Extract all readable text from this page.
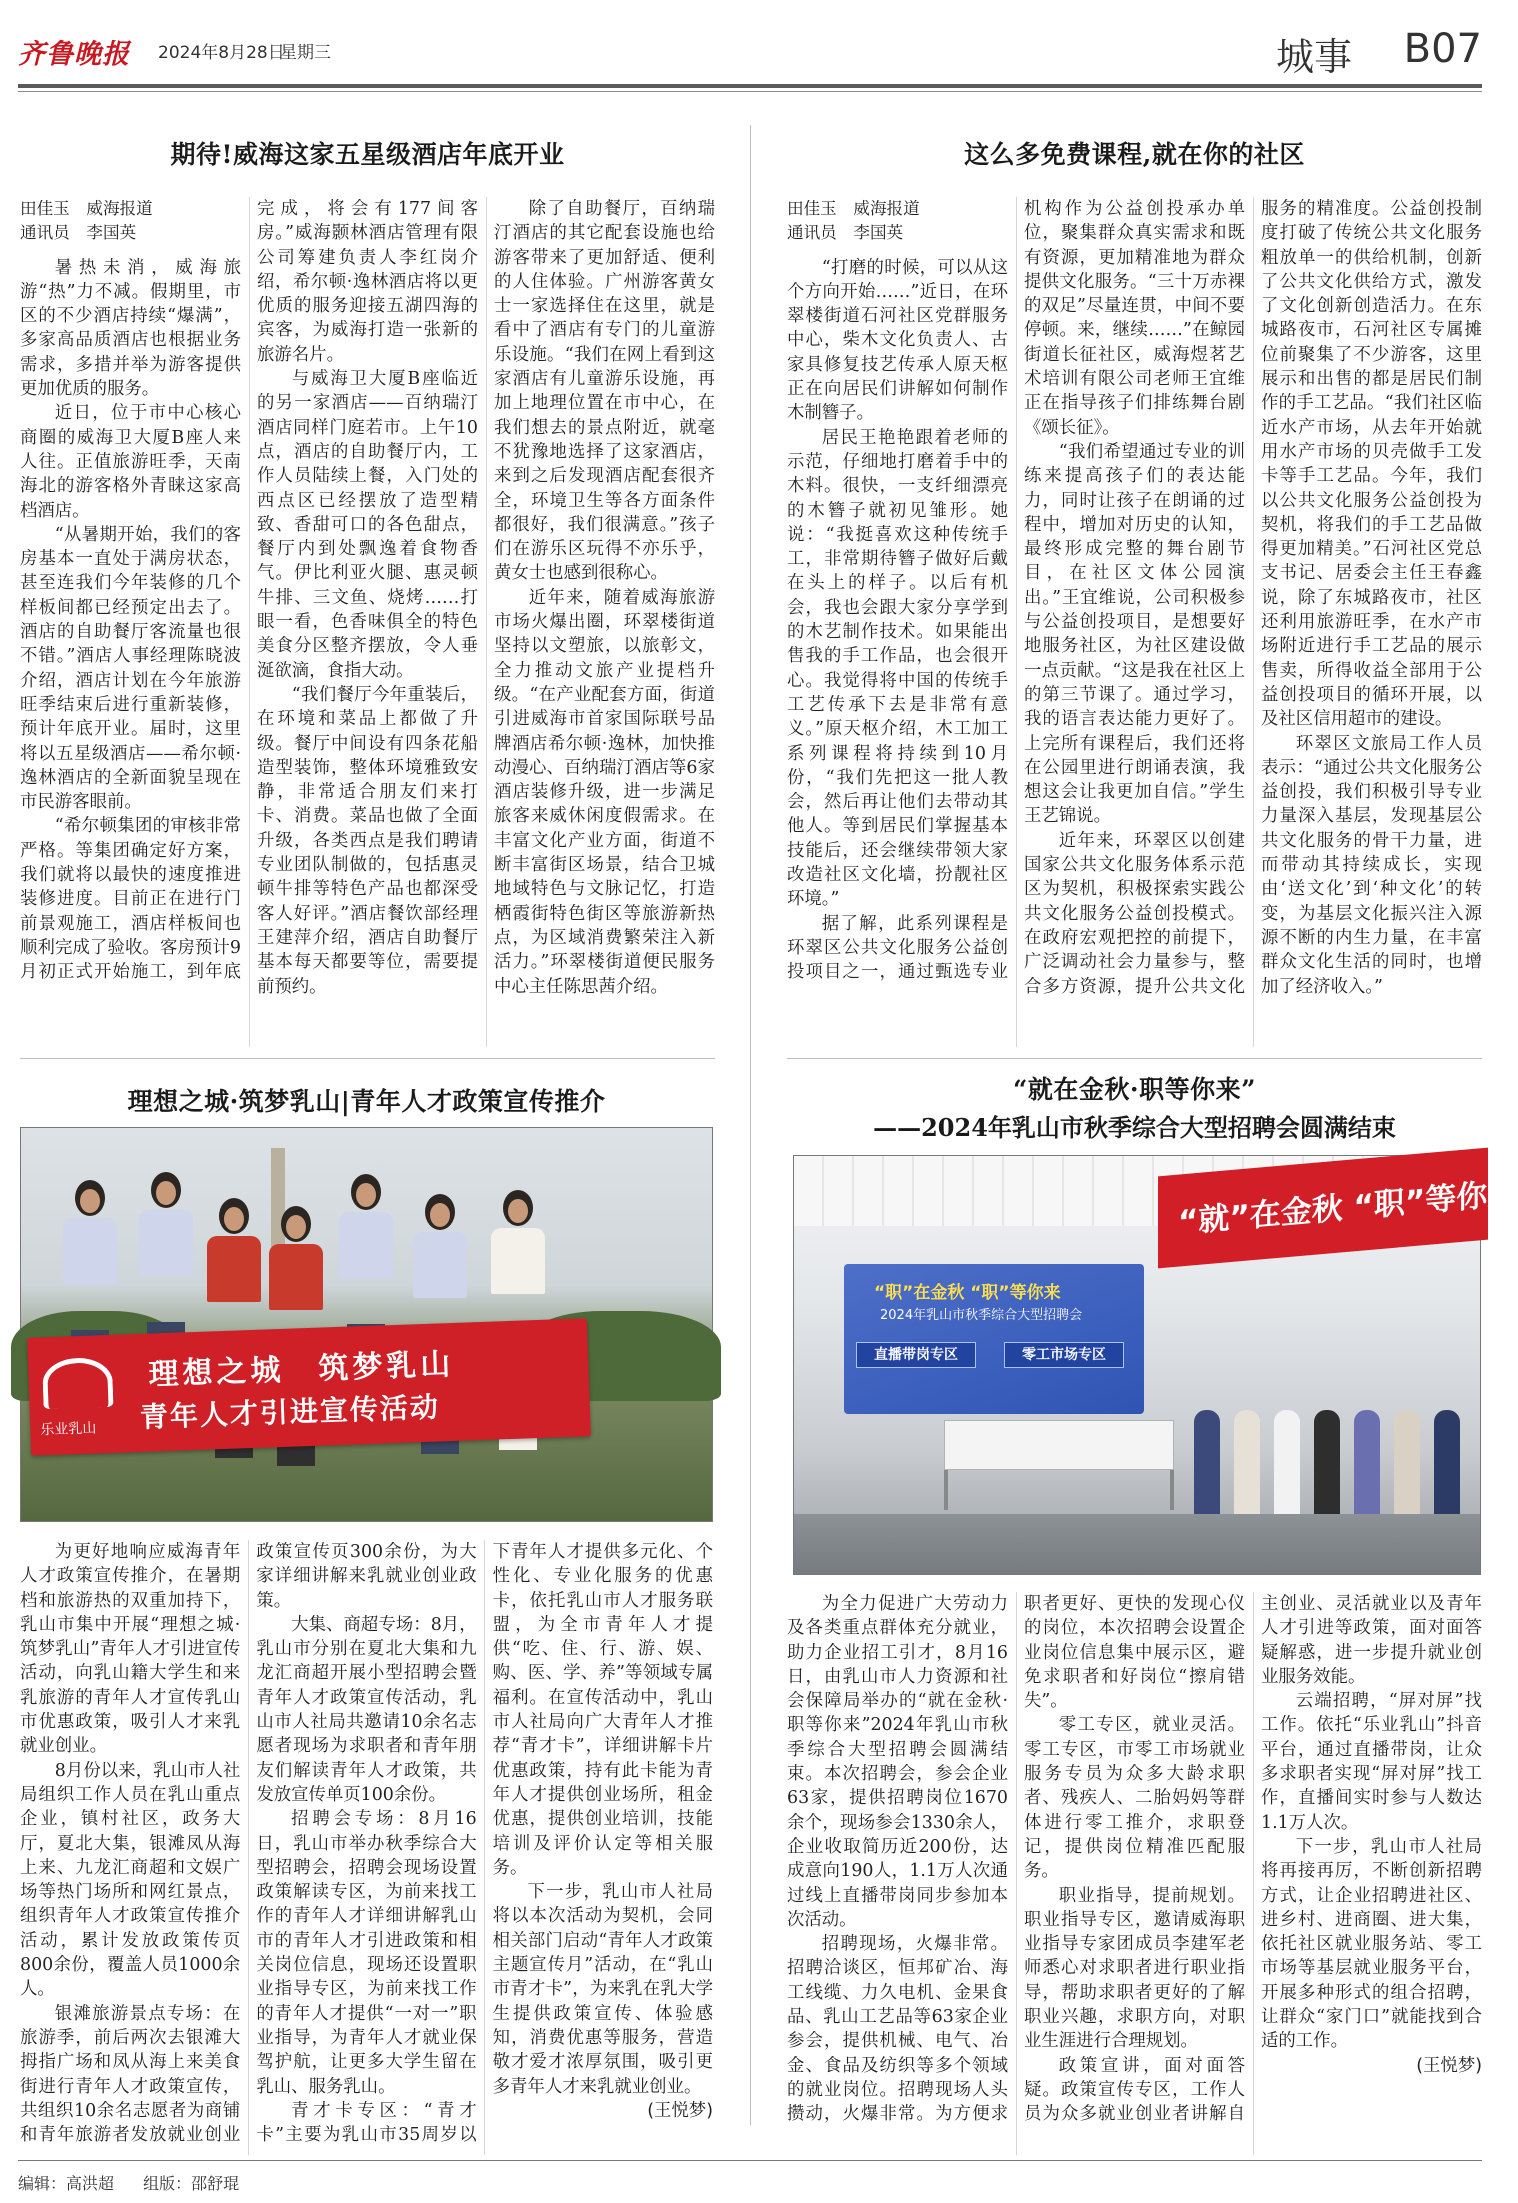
齐鲁晚报 2024年8月28日
星期三	城事 B07
期待!威海这家五星级酒店年底开业

田佳玉　威海报道

通讯员　李国英

暑热未消，威海旅游“热”力不减。假期里，市区的不少酒店持续“爆满”，多家高品质酒店也根据业务需求，多措并举为游客提供更加优质的服务。

近日，位于市中心核心商圈的威海卫大厦B座人来人往。正值旅游旺季，天南海北的游客格外青睐这家高档酒店。

“从暑期开始，我们的客房基本一直处于满房状态，甚至连我们今年装修的几个样板间都已经预定出去了。酒店的自助餐厅客流量也很不错。”酒店人事经理陈晓波介绍，酒店计划在今年旅游旺季结束后进行重新装修，预计年底开业。届时，这里将以五星级酒店——希尔顿·逸林酒店的全新面貌呈现在市民游客眼前。

“希尔顿集团的审核非常严格。等集团确定好方案，我们就将以最快的速度推进装修进度。目前正在进行门前景观施工，酒店样板间也顺利完成了验收。客房预计9月初正式开始施工，到年底完成，将会有177间客房。”威海颢林酒店管理有限公司筹建负责人李红岗介绍，希尔顿·逸林酒店将以更优质的服务迎接五湖四海的宾客，为威海打造一张新的旅游名片。

与威海卫大厦B座临近的另一家酒店——百纳瑞汀酒店同样门庭若市。上午10点，酒店的自助餐厅内，工作人员陆续上餐，入门处的西点区已经摆放了造型精致、香甜可口的各色甜点，餐厅内到处飘逸着食物香气。伊比利亚火腿、惠灵顿牛排、三文鱼、烧烤……打眼一看，色香味俱全的特色美食分区整齐摆放，令人垂涎欲滴，食指大动。

“我们餐厅今年重装后，在环境和菜品上都做了升级。餐厅中间设有四条花船造型装饰，整体环境雅致安静，非常适合朋友们来打卡、消费。菜品也做了全面升级，各类西点是我们聘请专业团队制做的，包括惠灵顿牛排等特色产品也都深受客人好评。”酒店餐饮部经理王建萍介绍，酒店自助餐厅基本每天都要等位，需要提前预约。

除了自助餐厅，百纳瑞汀酒店的其它配套设施也给游客带来了更加舒适、便利的人住体验。广州游客黄女士一家选择住在这里，就是看中了酒店有专门的儿童游乐设施。“我们在网上看到这家酒店有儿童游乐设施，再加上地理位置在市中心，在我们想去的景点附近，就毫不犹豫地选择了这家酒店，来到之后发现酒店配套很齐全，环境卫生等各方面条件都很好，我们很满意。”孩子们在游乐区玩得不亦乐乎，黄女士也感到很称心。

近年来，随着威海旅游市场火爆出圈，环翠楼街道坚持以文塑旅，以旅彰文，全力推动文旅产业提档升级。“在产业配套方面，街道引进威海市首家国际联号品牌酒店希尔顿·逸林，加快推动漫心、百纳瑞汀酒店等6家酒店装修升级，进一步满足旅客来威休闲度假需求。在丰富文化产业方面，街道不断丰富街区场景，结合卫城地域特色与文脉记忆，打造栖霞街特色街区等旅游新热点，为区域消费繁荣注入新活力。”环翠楼街道便民服务中心主任陈思茜介绍。

这么多免费课程,就在你的社区

田佳玉　威海报道

通讯员　李国英

“打磨的时候，可以从这个方向开始……”近日，在环翠楼街道石河社区党群服务中心，柴木文化负责人、古家具修复技艺传承人原天枢正在向居民们讲解如何制作木制簪子。

居民王艳艳跟着老师的示范，仔细地打磨着手中的木料。很快，一支纤细漂亮的木簪子就初见雏形。她说：“我挺喜欢这种传统手工，非常期待簪子做好后戴在头上的样子。以后有机会，我也会跟大家分享学到的木艺制作技术。如果能出售我的手工作品，也会很开心。我觉得将中国的传统手工艺传承下去是非常有意义。”原天枢介绍，木工加工系列课程将持续到10月份，“我们先把这一批人教会，然后再让他们去带动其他人。等到居民们掌握基本技能后，还会继续带领大家改造社区文化墙，扮靓社区环境。”

据了解，此系列课程是环翠区公共文化服务公益创投项目之一，通过甄选专业机构作为公益创投承办单位，聚集群众真实需求和既有资源，更加精准地为群众提供文化服务。“三十万赤裸的双足”尽量连贯，中间不要停顿。来，继续……”在鲸园街道长征社区，威海煜茗艺术培训有限公司老师王宜维正在指导孩子们排练舞台剧《颂长征》。

“我们希望通过专业的训练来提高孩子们的表达能力，同时让孩子在朗诵的过程中，增加对历史的认知，最终形成完整的舞台剧节目，在社区文体公园演出。”王宜维说，公司积极参与公益创投项目，是想要好地服务社区，为社区建设做一点贡献。“这是我在社区上的第三节课了。通过学习，我的语言表达能力更好了。上完所有课程后，我们还将在公园里进行朗诵表演，我想这会让我更加自信。”学生王艺锦说。

近年来，环翠区以创建国家公共文化服务体系示范区为契机，积极探索实践公共文化服务公益创投模式。在政府宏观把控的前提下，广泛调动社会力量参与，整合多方资源，提升公共文化服务的精准度。公益创投制度打破了传统公共文化服务粗放单一的供给机制，创新了公共文化供给方式，激发了文化创新创造活力。在东城路夜市，石河社区专属摊位前聚集了不少游客，这里展示和出售的都是居民们制作的手工艺品。“我们社区临近水产市场，从去年开始就用水产市场的贝壳做手工发卡等手工艺品。今年，我们以公共文化服务公益创投为契机，将我们的手工艺品做得更加精美。”石河社区党总支书记、居委会主任王春鑫说，除了东城路夜市，社区还利用旅游旺季，在水产市场附近进行手工艺品的展示售卖，所得收益全部用于公益创投项目的循环开展，以及社区信用超市的建设。

环翠区文旅局工作人员表示：“通过公共文化服务公益创投，我们积极引导专业力量深入基层，发现基层公共文化服务的骨干力量，进而带动其持续成长，实现由‘送文化’到‘种文化’的转变，为基层文化振兴注入源源不断的内生力量，在丰富群众文化生活的同时，也增加了经济收入。”

理想之城·筑梦乳山|青年人才政策宣传推介
乐业乳山
理想之城　筑梦乳山
青年人才引进宣传活动

为更好地响应威海青年人才政策宣传推介，在暑期档和旅游热的双重加持下，乳山市集中开展“理想之城·筑梦乳山”青年人才引进宣传活动，向乳山籍大学生和来乳旅游的青年人才宣传乳山市优惠政策，吸引人才来乳就业创业。

8月份以来，乳山市人社局组织工作人员在乳山重点企业，镇村社区，政务大厅，夏北大集，银滩凤从海上来、九龙汇商超和文娱广场等热门场所和网红景点，组织青年人才政策宣传推介活动，累计发放政策传页800余份，覆盖人员1000余人。

银滩旅游景点专场：在旅游季，前后两次去银滩大拇指广场和凤从海上来美食街进行青年人才政策宣传，共组织10余名志愿者为商铺和青年旅游者发放就业创业政策宣传页300余份，为大家详细讲解来乳就业创业政策。

大集、商超专场：8月，乳山市分别在夏北大集和九龙汇商超开展小型招聘会暨青年人才政策宣传活动，乳山市人社局共邀请10余名志愿者现场为求职者和青年朋友们解读青年人才政策，共发放宣传单页100余份。

招聘会专场：8月16日，乳山市举办秋季综合大型招聘会，招聘会现场设置政策解读专区，为前来找工作的青年人才详细讲解乳山市的青年人才引进政策和相关岗位信息，现场还设置职业指导专区，为前来找工作的青年人才提供“一对一”职业指导，为青年人才就业保驾护航，让更多大学生留在乳山、服务乳山。

青才卡专区：“青才卡”主要为乳山市35周岁以下青年人才提供多元化、个性化、专业化服务的优惠卡，依托乳山市人才服务联盟，为全市青年人才提供“吃、住、行、游、娱、购、医、学、养”等领域专属福利。在宣传活动中，乳山市人社局向广大青年人才推荐“青才卡”，详细讲解卡片优惠政策，持有此卡能为青年人才提供创业场所，租金优惠，提供创业培训，技能培训及评价认定等相关服务。

下一步，乳山市人社局将以本次活动为契机，会同相关部门启动“青年人才政策主题宣传月”活动，在“乳山市青才卡”，为来乳在乳大学生提供政策宣传、体验感知，消费优惠等服务，营造敬才爱才浓厚氛围，吸引更多青年人才来乳就业创业。

(王悦梦)

“就在金秋·职等你来”
——2024年乳山市秋季综合大型招聘会圆满结束
“就”在金秋 “职”等你来
“职”在金秋 “职”等你来
2024年乳山市秋季综合大型招聘会
直播带岗专区	零工市场专区

为全力促进广大劳动力及各类重点群体充分就业，助力企业招工引才，8月16日，由乳山市人力资源和社会保障局举办的“就在金秋·职等你来”2024年乳山市秋季综合大型招聘会圆满结束。本次招聘会，参会企业63家，提供招聘岗位1670余个，现场参会1330余人，企业收取简历近200份，达成意向190人，1.1万人次通过线上直播带岗同步参加本次活动。

招聘现场，火爆非常。招聘洽谈区，恒邦矿冶、海工线缆、力久电机、金果食品、乳山工艺品等63家企业参会，提供机械、电气、冶金、食品及纺织等多个领域的就业岗位。招聘现场人头攒动，火爆非常。为方便求职者更好、更快的发现心仪的岗位，本次招聘会设置企业岗位信息集中展示区，避免求职者和好岗位“擦肩错失”。

零工专区，就业灵活。零工专区，市零工市场就业服务专员为众多大龄求职者、残疾人、二胎妈妈等群体进行零工推介，求职登记，提供岗位精准匹配服务。

职业指导，提前规划。职业指导专区，邀请威海职业指导专家团成员李建军老师悉心对求职者进行职业指导，帮助求职者更好的了解职业兴趣，求职方向，对职业生涯进行合理规划。

政策宣讲，面对面答疑。政策宣传专区，工作人员为众多就业创业者讲解自主创业、灵活就业以及青年人才引进等政策，面对面答疑解惑，进一步提升就业创业服务效能。

云端招聘，“屏对屏”找工作。依托“乐业乳山”抖音平台，通过直播带岗，让众多求职者实现“屏对屏”找工作，直播间实时参与人数达1.1万人次。

下一步，乳山市人社局将再接再厉，不断创新招聘方式，让企业招聘进社区、进乡村、进商圈、进大集，依托社区就业服务站、零工市场等基层就业服务平台，开展多种形式的组合招聘，让群众“家门口”就能找到合适的工作。

(王悦梦)

编辑：高洪超 组版：邵舒琨
